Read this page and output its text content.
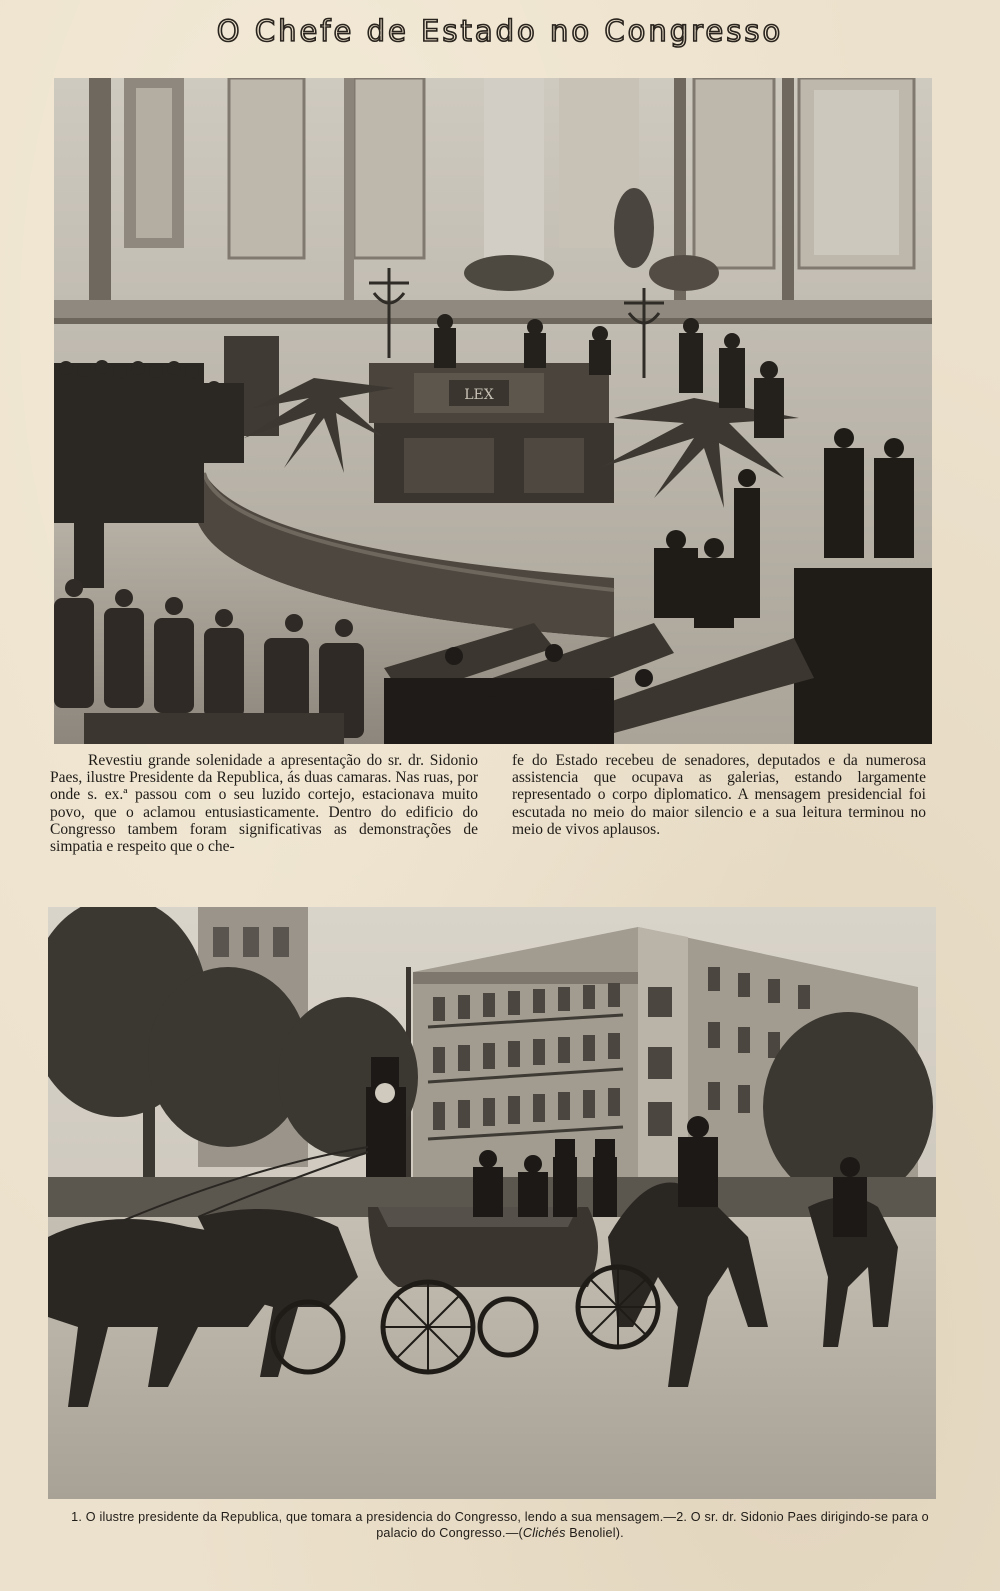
O Chefe de Estado no Congresso
LEX
Revestiu grande solenidade a apresentação do sr. dr. Sidonio Paes, ilustre Presidente da Republica, ás duas camaras. Nas ruas, por onde s. ex.ª passou com o seu luzido cortejo, estacionava muito povo, que o aclamou entusiasticamente. Dentro do edificio do Congresso tambem foram significativas as demonstrações de simpatia e respeito que o che-
fe do Estado recebeu de senadores, deputados e da numerosa assistencia que ocupava as galerias, estando largamente representado o corpo diplomatico. A mensagem presidencial foi escutada no meio do maior silencio e a sua leitura terminou no meio de vivos aplausos.
1. O ilustre presidente da Republica, que tomara a presidencia do Congresso, lendo a sua mensagem.—2. O sr. dr. Sidonio Paes dirigindo-se para o palacio do Congresso.—(Clichés Benoliel).
